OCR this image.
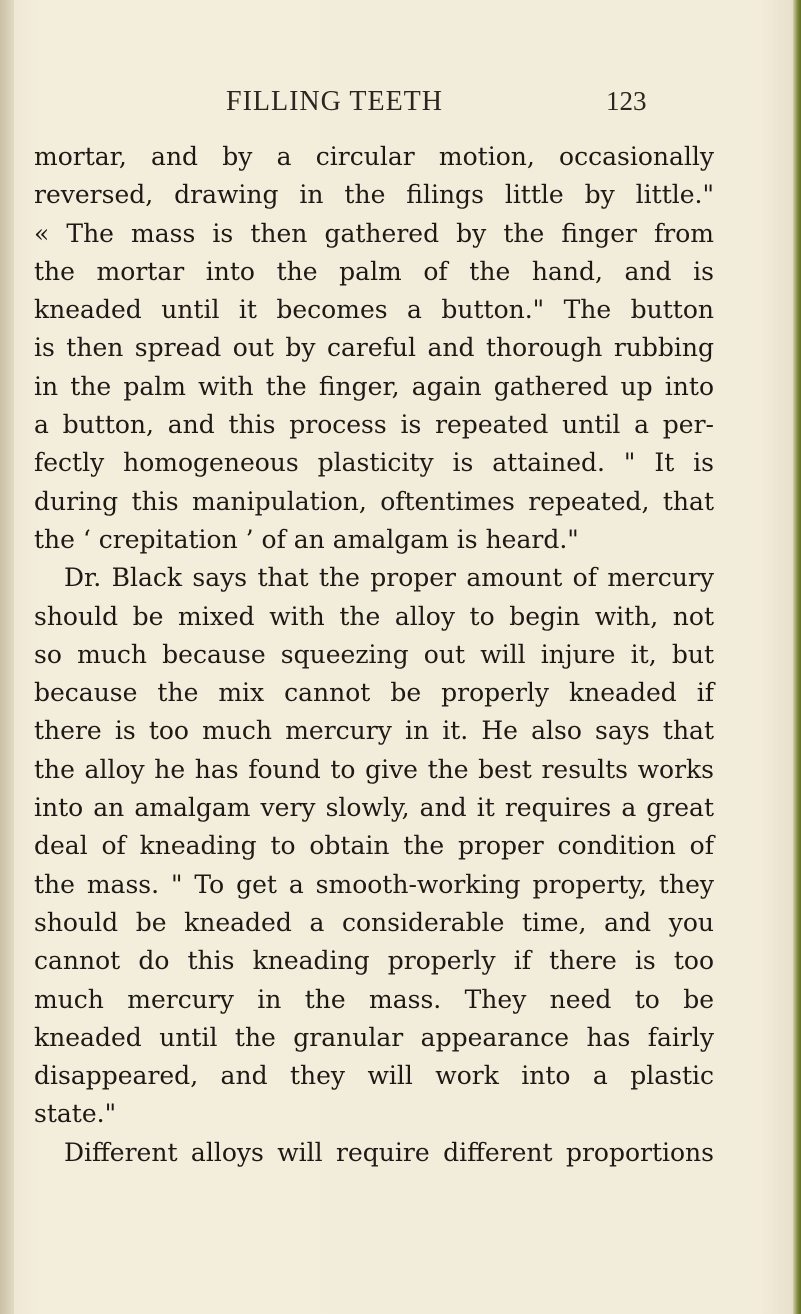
FILLING TEETH	123
mortar, and by a circular motion, occasionally
reversed, drawing in the filings little by little."
« The mass is then gathered by the finger from
the mortar into the palm of the hand, and is
kneaded until it becomes a button." The button
is then spread out by careful and thorough rubbing
in the palm with the finger, again gathered up into
a button, and this process is repeated until a per-
fectly homogeneous plasticity is attained. " It is
during this manipulation, oftentimes repeated, that
the ‘ crepitation ’ of an amalgam is heard."
Dr. Black says that the proper amount of mercury
should be mixed with the alloy to begin with, not
so much because squeezing out will injure it, but
because the mix cannot be properly kneaded if
there is too much mercury in it. He also says that
the alloy he has found to give the best results works
into an amalgam very slowly, and it requires a great
deal of kneading to obtain the proper condition of
the mass. " To get a smooth-working property, they
should be kneaded a considerable time, and you
cannot do this kneading properly if there is too
much mercury in the mass. They need to be
kneaded until the granular appearance has fairly
disappeared, and they will work into a plastic
state."
Different alloys will require different proportions
